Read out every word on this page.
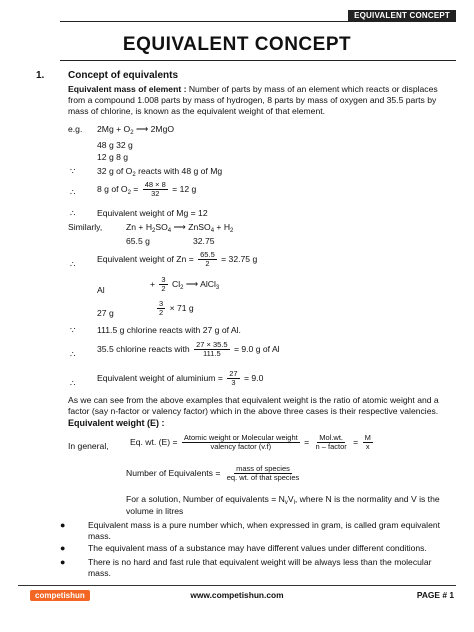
EQUIVALENT CONCEPT
EQUIVALENT CONCEPT
1. Concept of equivalents
Equivalent mass of element : Number of parts by mass of an element which reacts or displaces from a compound 1.008 parts by mass of hydrogen, 8 parts by mass of oxygen and 35.5 parts by mass of chlorine, is known as the equivalent weight of that element.
e.g. $2Mg + O_2$ ⟶ 2MgO
48 g 32 g
12 g 8 g
∵	32 g of $O_2$ reacts with 48 g of Mg
∴	8 g of $O_2 = \frac{48 \times 8}{32} = 12$ g
∴	Equivalent weight of Mg = 12
Similarly,	$Zn + H_2SO_4$ ⟶ ZnSO$_4$ + $H_2$
65.5 g	32.75
∴
Equivalent weight of $Zn = \frac{65.5}{2} = 32.75$ g
Al
+ $\frac{3}{2} Cl_2$ ⟶ AlCl$_3$
27 g	$\frac{3}{2} \times 71$ g
∵	111.5 g chlorine reacts with 27 g of Al.
∴
35.5 chlorine reacts with $\frac{27 \times 35.5}{111.5} = 9.0$ g of Al
∴
Equivalent weight of aluminium = $\frac{27}{3} = 9.0$
As we can see from the above examples that equivalent weight is the ratio of atomic weight and a factor (say n-factor or valency factor) which in the above three cases is their respective valencies.
Equivalent weight (E) :
In general, Eq. wt. $(E) = \frac{\text{Atomic weight or Molecular weight}}{\text{valency factor (v.f)}} = \frac{\text{Mol.wt.}}{\text{n – factor}} = \frac{M}{x}$
Number of Equivalents = $\frac{\text{mass of species}}{\text{eq. wt. of that species}}$
For a solution, Number of equivalents = $N_vV_l$, where N is the normality and V is the
volume in litres
●	Equivalent mass is a pure number which, when expressed in gram, is called gram equivalent mass.
●	The equivalent mass of a substance may have different values under different conditions.
●	There is no hard and fast rule that equivalent weight will be always less than the molecular mass.
competishun	www.competishun.com	PAGE # 1
